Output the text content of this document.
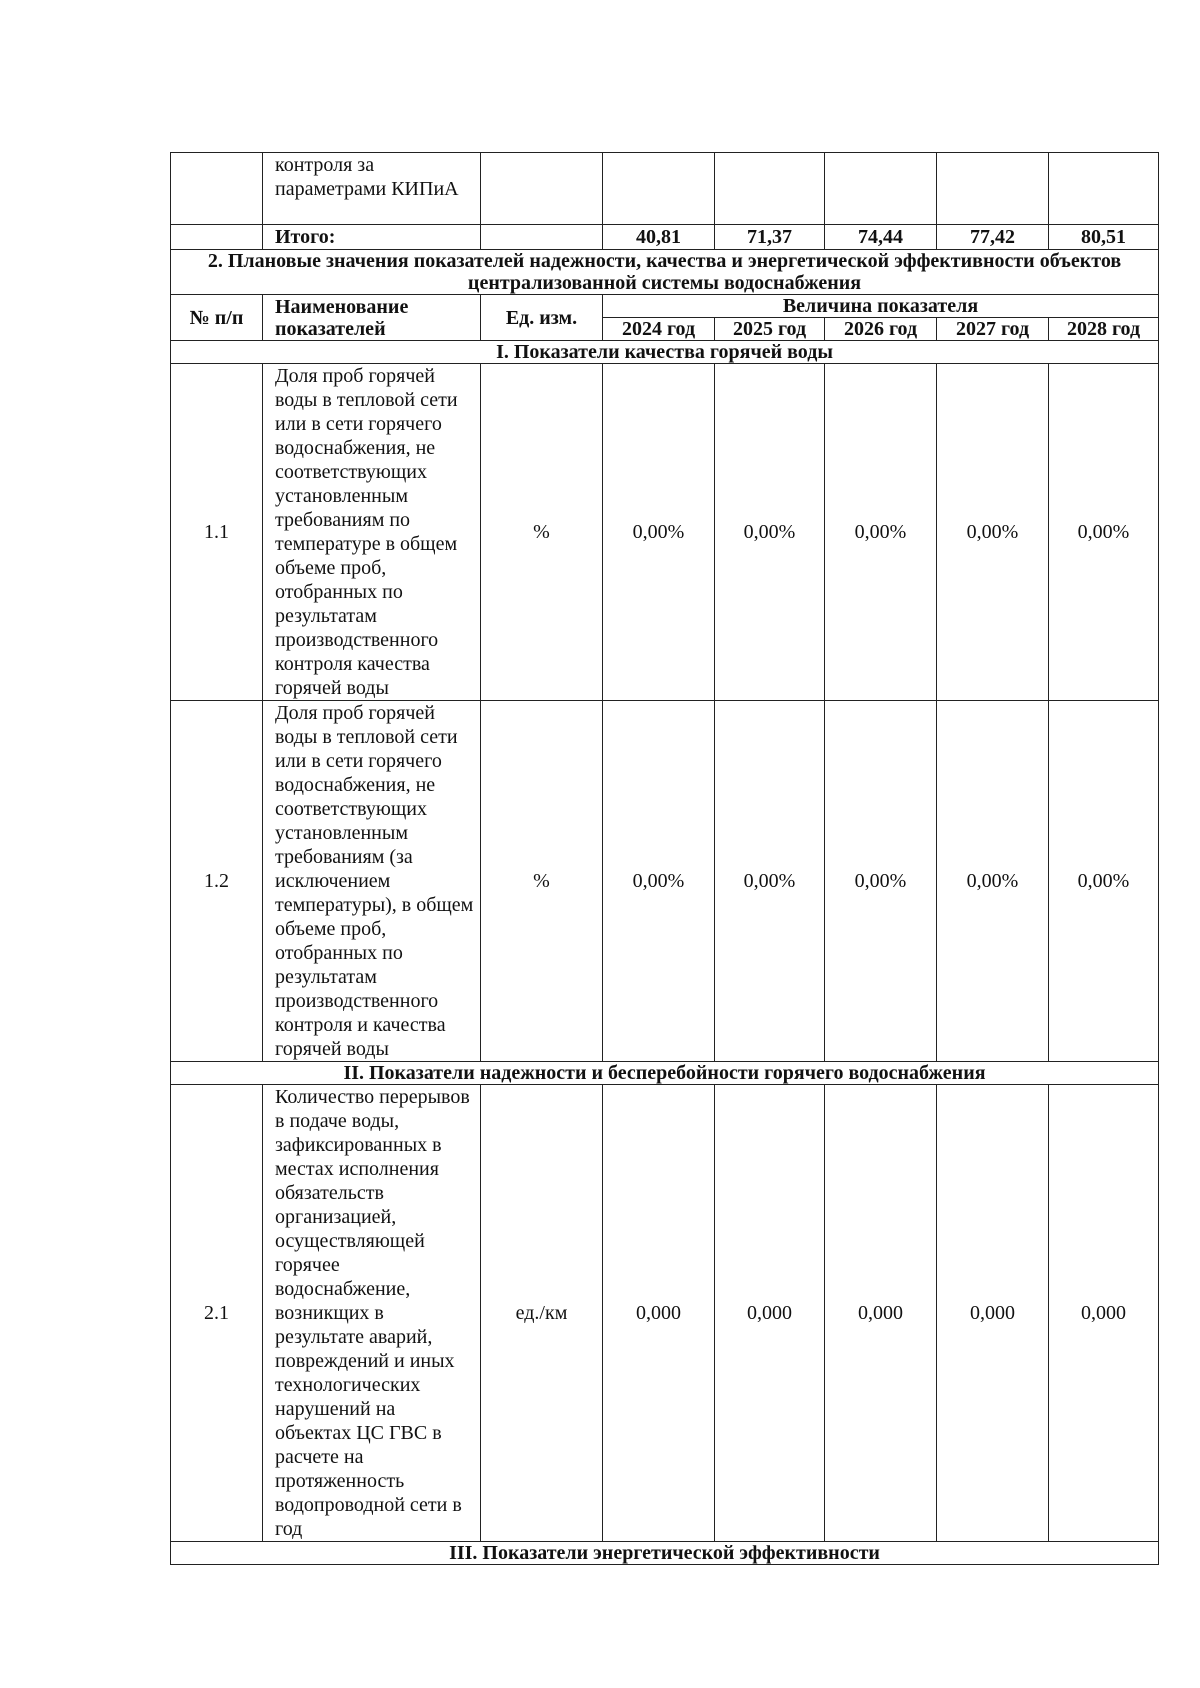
	контроля за параметрами КИПиА						
	Итого:		40,81	71,37	74,44	77,42	80,51
2. Плановые значения показателей надежности, качества и энергетической эффективности объектов централизованной системы водоснабжения							
№ п/п	Наименование показателей	Ед. изм.	Величина показателя				
			2024 год	2025 год	2026 год	2027 год	2028 год
I. Показатели качества горячей воды							
1.1	Доля проб горячей воды в тепловой сети или в сети горячего водоснабжения, не соответствующих установленным требованиям по температуре в общем объеме проб, отобранных по результатам производственного контроля качества горячей воды	%	0,00%	0,00%	0,00%	0,00%	0,00%
1.2	Доля проб горячей воды в тепловой сети или в сети горячего водоснабжения, не соответствующих установленным требованиям (за исключением температуры), в общем объеме проб, отобранных по результатам производственного контроля и качества горячей воды	%	0,00%	0,00%	0,00%	0,00%	0,00%
II. Показатели надежности и бесперебойности горячего водоснабжения							
2.1	Количество перерывов в подаче воды, зафиксированных в местах исполнения обязательств организацией, осуществляющей горячее водоснабжение, возникщих в результате аварий, повреждений и иных технологических нарушений на объектах ЦС ГВС в расчете на протяженность водопроводной сети в год	ед./км	0,000	0,000	0,000	0,000	0,000
III. Показатели энергетической эффективности							
